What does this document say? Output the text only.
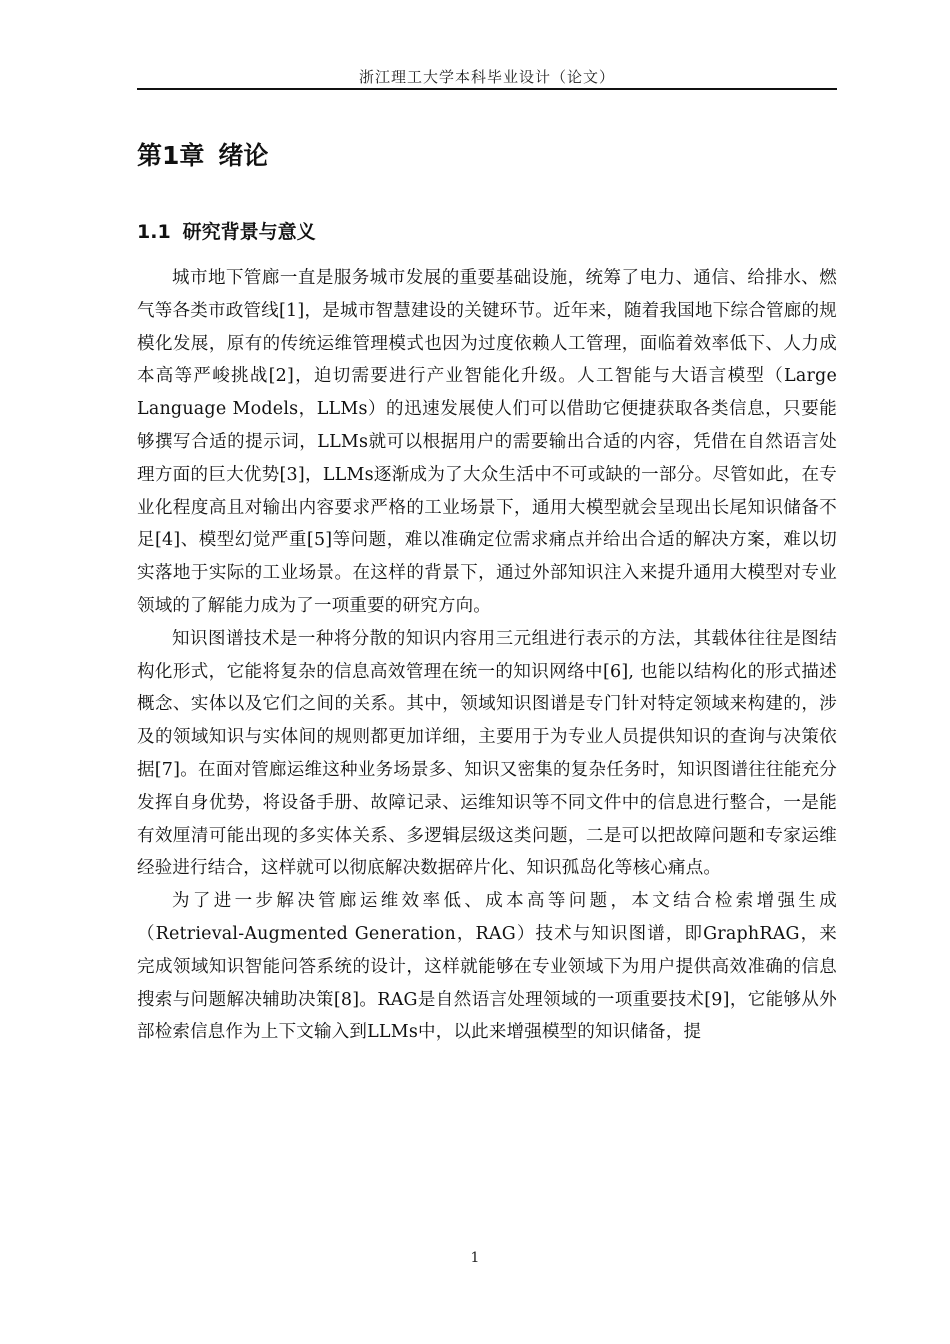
浙江理工大学本科毕业设计（论文）
第1章 绪论
1.1 研究背景与意义

城市地下管廊一直是服务城市发展的重要基础设施，统筹了电力、通信、给排水、燃气等各类市政管线[1]，是城市智慧建设的关键环节。近年来，随着我国地下综合管廊的规模化发展，原有的传统运维管理模式也因为过度依赖人工管理，面临着效率低下、人力成本高等严峻挑战[2]，迫切需要进行产业智能化升级。人工智能与大语言模型（Large Language Models，LLMs）的迅速发展使人们可以借助它便捷获取各类信息，只要能够撰写合适的提示词，LLMs就可以根据用户的需要输出合适的内容，凭借在自然语言处理方面的巨大优势[3]，LLMs逐渐成为了大众生活中不可或缺的一部分。尽管如此，在专业化程度高且对输出内容要求严格的工业场景下，通用大模型就会呈现出长尾知识储备不足[4]、模型幻觉严重[5]等问题，难以准确定位需求痛点并给出合适的解决方案，难以切实落地于实际的工业场景。在这样的背景下，通过外部知识注入来提升通用大模型对专业领域的了解能力成为了一项重要的研究方向。

知识图谱技术是一种将分散的知识内容用三元组进行表示的方法，其载体往往是图结构化形式，它能将复杂的信息高效管理在统一的知识网络中[6], 也能以结构化的形式描述概念、实体以及它们之间的关系。其中，领域知识图谱是专门针对特定领域来构建的，涉及的领域知识与实体间的规则都更加详细，主要用于为专业人员提供知识的查询与决策依据[7]。在面对管廊运维这种业务场景多、知识又密集的复杂任务时，知识图谱往往能充分发挥自身优势，将设备手册、故障记录、运维知识等不同文件中的信息进行整合，一是能有效厘清可能出现的多实体关系、多逻辑层级这类问题，二是可以把故障问题和专家运维经验进行结合，这样就可以彻底解决数据碎片化、知识孤岛化等核心痛点。

为了进一步解决管廊运维效率低、成本高等问题，本文结合检索增强生成（Retrieval-Augmented Generation，RAG）技术与知识图谱，即GraphRAG，来完成领域知识智能问答系统的设计，这样就能够在专业领域下为用户提供高效准确的信息搜索与问题解决辅助决策[8]。RAG是自然语言处理领域的一项重要技术[9]，它能够从外部检索信息作为上下文输入到LLMs中，以此来增强模型的知识储备，提

1
